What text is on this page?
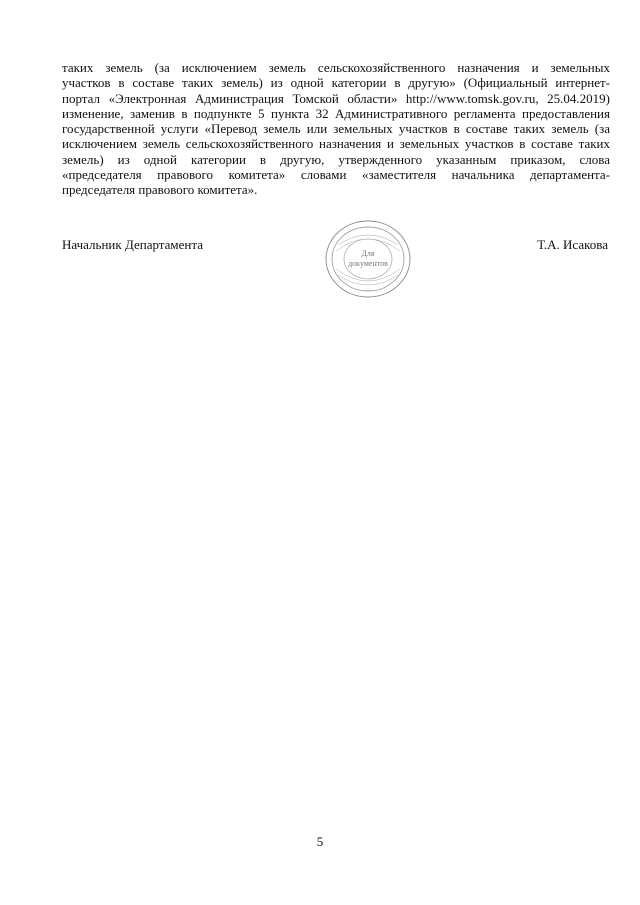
таких земель (за исключением земель сельскохозяйственного назначения и земельных
участков в составе таких земель) из одной категории в другую» (Официальный интернет-
портал «Электронная Администрация Томской области» http://www.tomsk.gov.ru, 25.04.2019)
изменение, заменив в подпункте 5 пункта 32 Административного регламента предоставления
государственной услуги «Перевод земель или земельных участков в составе таких земель (за
исключением земель сельскохозяйственного назначения и земельных участков в составе таких
земель) из одной категории в другую, утвержденного указанным приказом, слова
«председателя правового комитета» словами «заместителя начальника департамента-
председателя правового комитета».
Начальник Департамента
Для
документов
Т.А. Исакова
5
